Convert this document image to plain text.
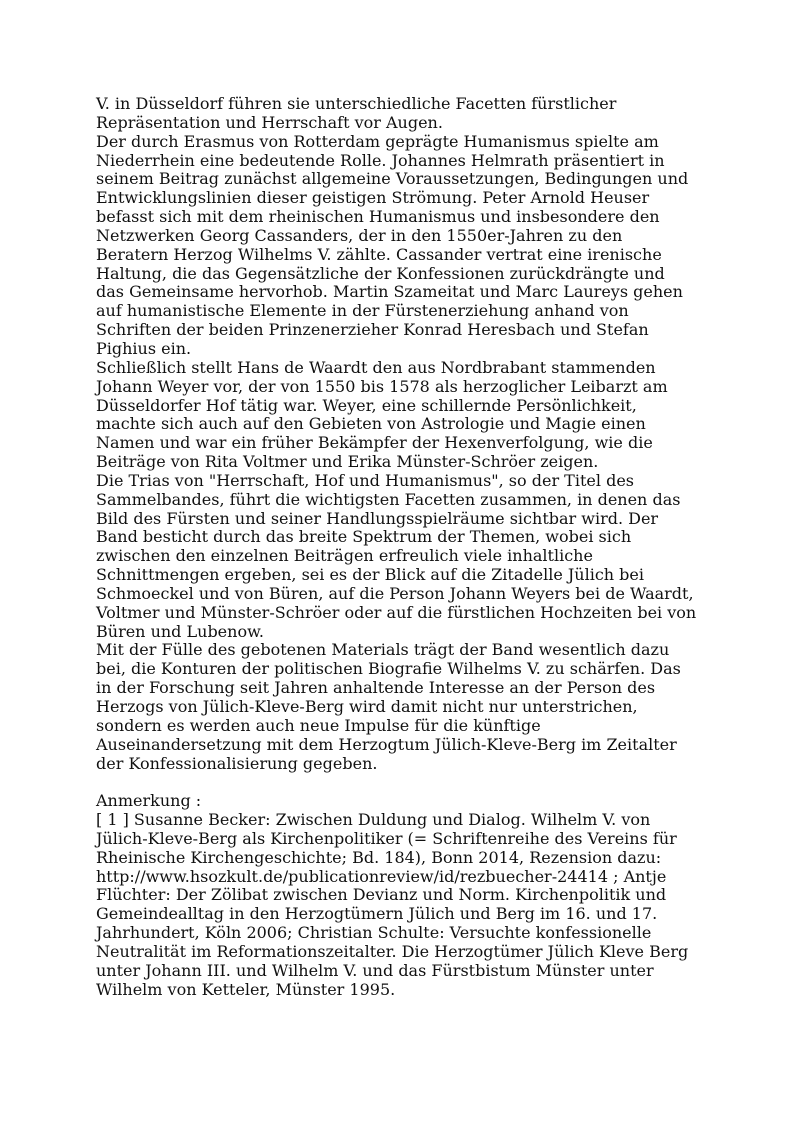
V. in Düsseldorf führen sie unterschiedliche Facetten fürstlicher
Repräsentation und Herrschaft vor Augen.
Der durch Erasmus von Rotterdam geprägte Humanismus spielte am
Niederrhein eine bedeutende Rolle. Johannes Helmrath präsentiert in
seinem Beitrag zunächst allgemeine Voraussetzungen, Bedingungen und
Entwicklungslinien dieser geistigen Strömung. Peter Arnold Heuser
befasst sich mit dem rheinischen Humanismus und insbesondere den
Netzwerken Georg Cassanders, der in den 1550er-Jahren zu den
Beratern Herzog Wilhelms V. zählte. Cassander vertrat eine irenische
Haltung, die das Gegensätzliche der Konfessionen zurückdrängte und
das Gemeinsame hervorhob. Martin Szameitat und Marc Laureys gehen
auf humanistische Elemente in der Fürstenerziehung anhand von
Schriften der beiden Prinzenerzieher Konrad Heresbach und Stefan
Pighius ein.
Schließlich stellt Hans de Waardt den aus Nordbrabant stammenden
Johann Weyer vor, der von 1550 bis 1578 als herzoglicher Leibarzt am
Düsseldorfer Hof tätig war. Weyer, eine schillernde Persönlichkeit,
machte sich auch auf den Gebieten von Astrologie und Magie einen
Namen und war ein früher Bekämpfer der Hexenverfolgung, wie die
Beiträge von Rita Voltmer und Erika Münster-Schröer zeigen.
Die Trias von "Herrschaft, Hof und Humanismus", so der Titel des
Sammelbandes, führt die wichtigsten Facetten zusammen, in denen das
Bild des Fürsten und seiner Handlungsspielräume sichtbar wird. Der
Band besticht durch das breite Spektrum der Themen, wobei sich
zwischen den einzelnen Beiträgen erfreulich viele inhaltliche
Schnittmengen ergeben, sei es der Blick auf die Zitadelle Jülich bei
Schmoeckel und von Büren, auf die Person Johann Weyers bei de Waardt,
Voltmer und Münster-Schröer oder auf die fürstlichen Hochzeiten bei von
Büren und Lubenow.
Mit der Fülle des gebotenen Materials trägt der Band wesentlich dazu
bei, die Konturen der politischen Biografie Wilhelms V. zu schärfen. Das
in der Forschung seit Jahren anhaltende Interesse an der Person des
Herzogs von Jülich-Kleve-Berg wird damit nicht nur unterstrichen,
sondern es werden auch neue Impulse für die künftige
Auseinandersetzung mit dem Herzogtum Jülich-Kleve-Berg im Zeitalter
der Konfessionalisierung gegeben.
Anmerkung :
[ 1 ] Susanne Becker: Zwischen Duldung und Dialog. Wilhelm V. von
Jülich-Kleve-Berg als Kirchenpolitiker (= Schriftenreihe des Vereins für
Rheinische Kirchengeschichte; Bd. 184), Bonn 2014, Rezension dazu:
http://www.hsozkult.de/publicationreview/id/rezbuecher-24414 ; Antje
Flüchter: Der Zölibat zwischen Devianz und Norm. Kirchenpolitik und
Gemeindealltag in den Herzogtümern Jülich und Berg im 16. und 17.
Jahrhundert, Köln 2006; Christian Schulte: Versuchte konfessionelle
Neutralität im Reformationszeitalter. Die Herzogtümer Jülich Kleve Berg
unter Johann III. und Wilhelm V. und das Fürstbistum Münster unter
Wilhelm von Ketteler, Münster 1995.
